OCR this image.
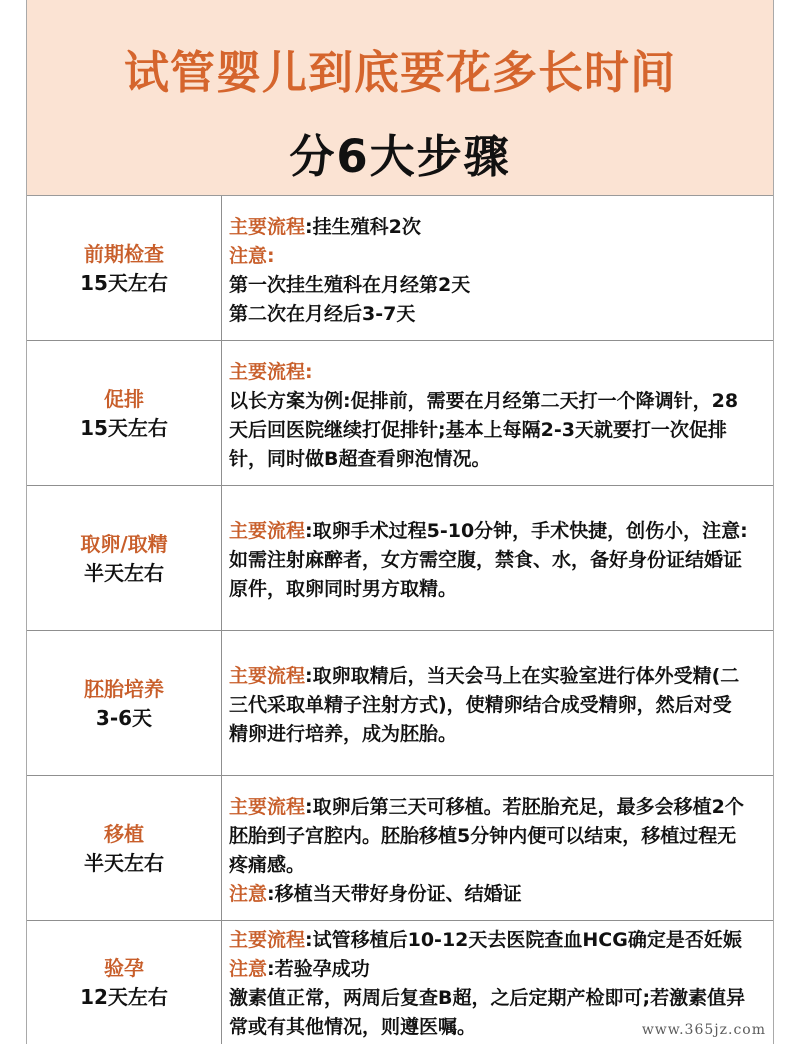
试管婴儿到底要花多长时间
分6大步骤
前期检查
15天左右
主要流程:挂生殖科2次
注意:
第一次挂生殖科在月经第2天
第二次在月经后3-7天
促排
15天左右
主要流程:
以长方案为例:促排前，需要在月经第二天打一个降调针，28
天后回医院继续打促排针;基本上每隔2-3天就要打一次促排
针，同时做B超查看卵泡情况。
取卵/取精
半天左右
主要流程:取卵手术过程5-10分钟，手术快捷，创伤小，注意:
如需注射麻醉者，女方需空腹，禁食、水，备好身份证结婚证
原件，取卵同时男方取精。
胚胎培养
3-6天
主要流程:取卵取精后，当天会马上在实验室进行体外受精(二
三代采取单精子注射方式)，使精卵结合成受精卵，然后对受
精卵进行培养，成为胚胎。
移植
半天左右
主要流程:取卵后第三天可移植。若胚胎充足，最多会移植2个
胚胎到子宫腔内。胚胎移植5分钟内便可以结束，移植过程无
疼痛感。
注意:移植当天带好身份证、结婚证
验孕
12天左右
主要流程:试管移植后10-12天去医院查血HCG确定是否妊娠
注意:若验孕成功
激素值正常，两周后复查B超，之后定期产检即可;若激素值异
常或有其他情况，则遵医嘱。	www.365jz.com
